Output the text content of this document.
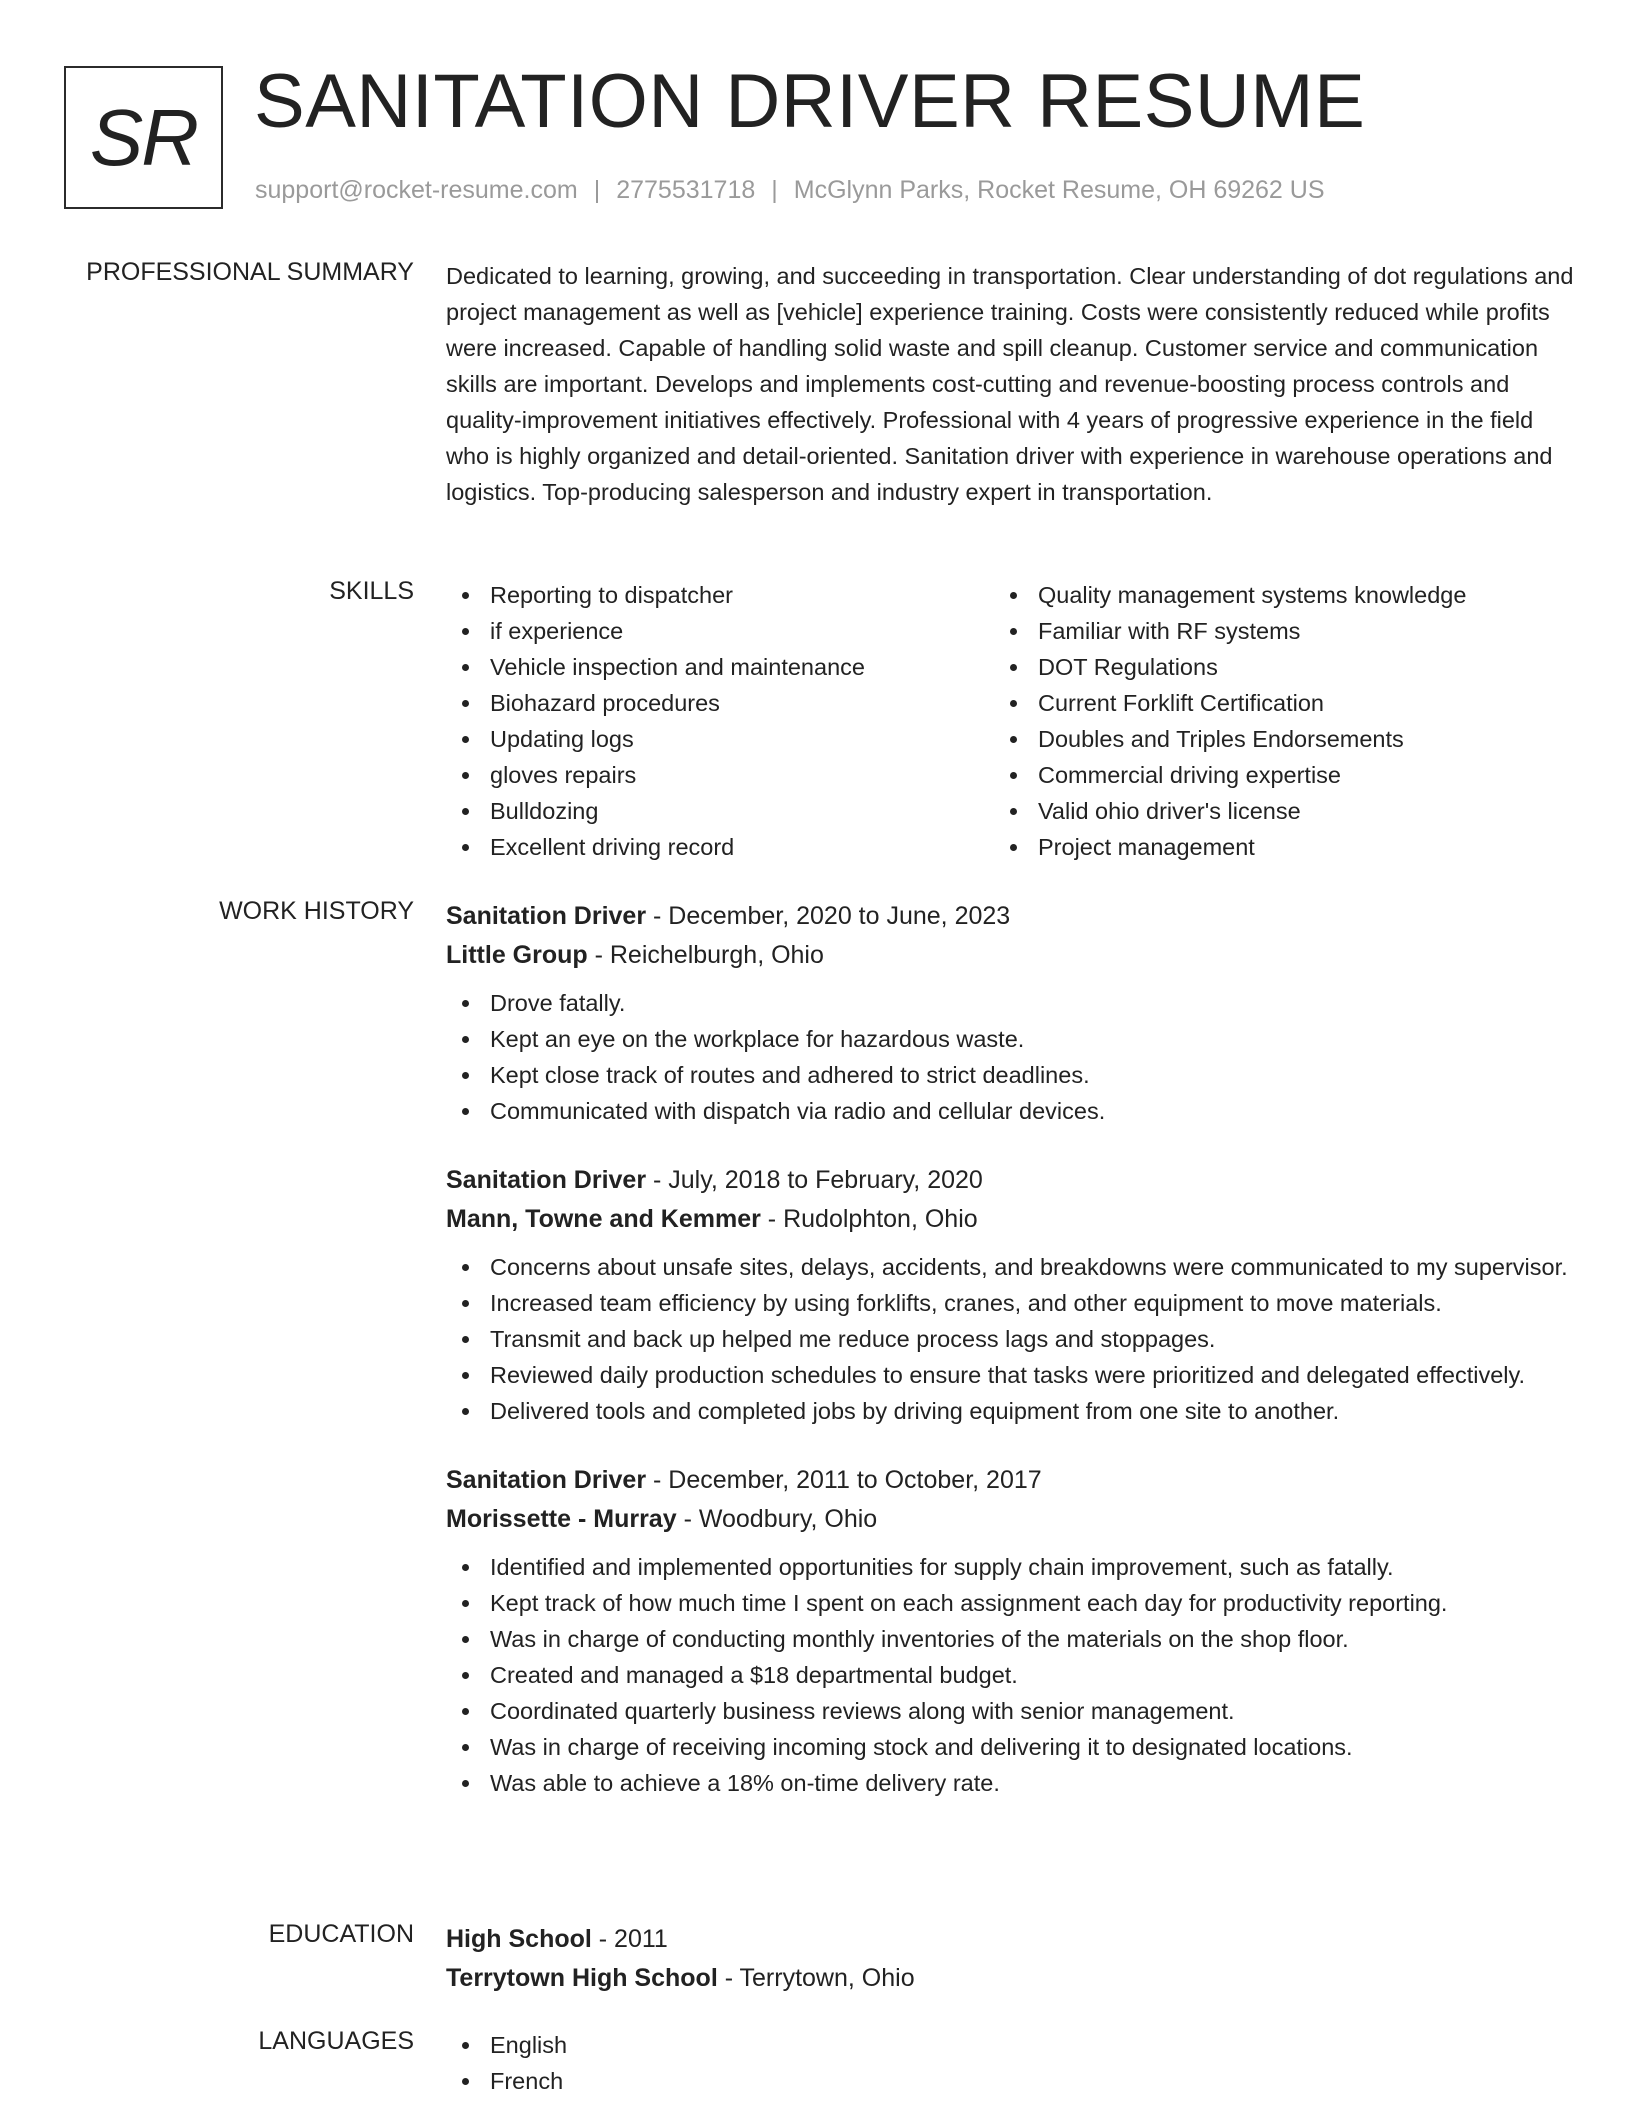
SR SANITATION DRIVER RESUME
support@rocket-resume.com | 2775531718 | McGlynn Parks, Rocket Resume, OH 69262 US
PROFESSIONAL SUMMARY Dedicated to learning, growing, and succeeding in transportation. Clear understanding of dot regulations and project management as well as [vehicle] experience training. Costs were consistently reduced while profits were increased. Capable of handling solid waste and spill cleanup. Customer service and communication skills are important. Develops and implements cost-cutting and revenue-boosting process controls and quality-improvement initiatives effectively. Professional with 4 years of progressive experience in the field who is highly organized and detail-oriented. Sanitation driver with experience in warehouse operations and logistics. Top-producing salesperson and industry expert in transportation.
SKILLS	Reporting to dispatcher
if experience
Vehicle inspection and maintenance
Biohazard procedures
Updating logs
gloves repairs
Bulldozing
Excellent driving record
Quality management systems knowledge
Familiar with RF systems
DOT Regulations
Current Forklift Certification
Doubles and Triples Endorsements
Commercial driving expertise
Valid ohio driver's license
Project management
WORK HISTORY Sanitation Driver - December, 2020 to June, 2023
Little Group - Reichelburgh, Ohio
Drove fatally.
Kept an eye on the workplace for hazardous waste.
Kept close track of routes and adhered to strict deadlines.
Communicated with dispatch via radio and cellular devices.
Sanitation Driver - July, 2018 to February, 2020
Mann, Towne and Kemmer - Rudolphton, Ohio
Concerns about unsafe sites, delays, accidents, and breakdowns were communicated to my supervisor.
Increased team efficiency by using forklifts, cranes, and other equipment to move materials.
Transmit and back up helped me reduce process lags and stoppages.
Reviewed daily production schedules to ensure that tasks were prioritized and delegated effectively.
Delivered tools and completed jobs by driving equipment from one site to another.
Sanitation Driver - December, 2011 to October, 2017
Morissette - Murray - Woodbury, Ohio
Identified and implemented opportunities for supply chain improvement, such as fatally.
Kept track of how much time I spent on each assignment each day for productivity reporting.
Was in charge of conducting monthly inventories of the materials on the shop floor.
Created and managed a $18 departmental budget.
Coordinated quarterly business reviews along with senior management.
Was in charge of receiving incoming stock and delivering it to designated locations.
Was able to achieve a 18% on-time delivery rate.
EDUCATION High School - 2011
Terrytown High School - Terrytown, Ohio
LANGUAGES	English
French
